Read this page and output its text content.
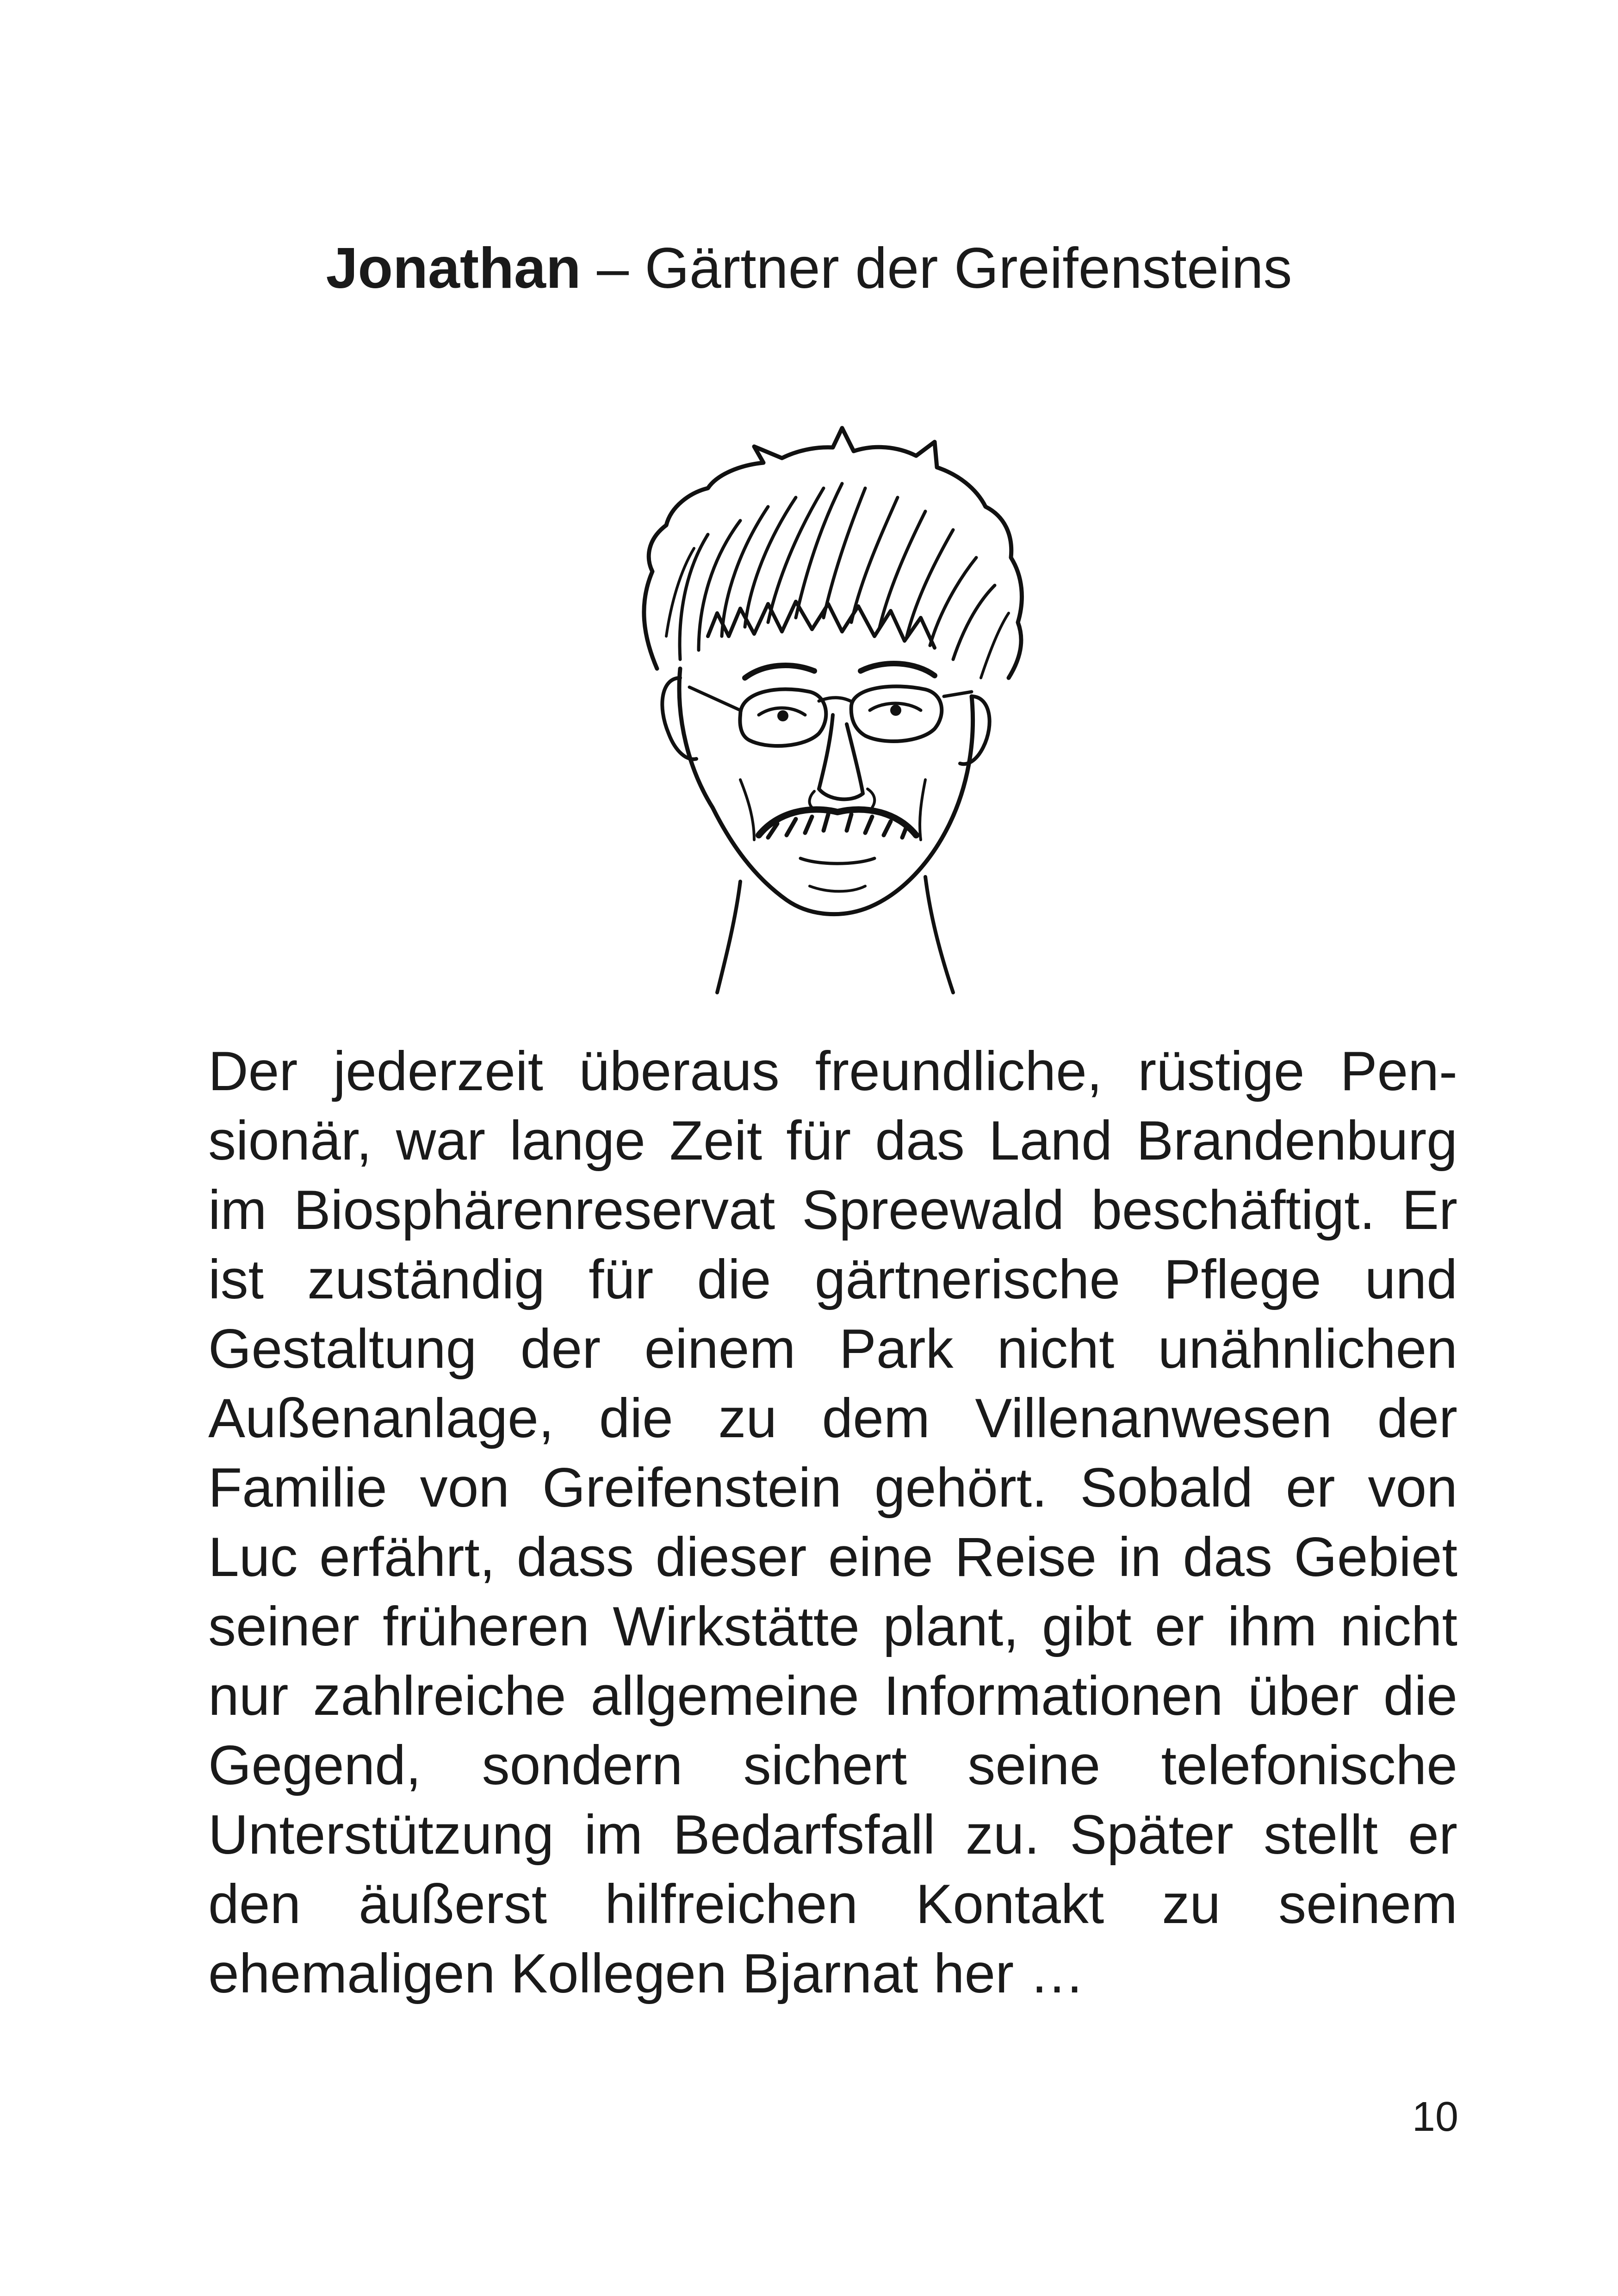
Jonathan – Gärtner der Greifensteins
Der jederzeit überaus freundliche, rüstige Pensionär, war lange Zeit für das Land Brandenburg im Biosphärenreservat Spreewald beschäftigt. Er ist zuständig für die gärtnerische Pflege und Gestaltung der einem Park nicht unähnlichen Außenanlage, die zu dem Villenanwesen der Familie von Greifenstein gehört. Sobald er von Luc erfährt, dass dieser eine Reise in das Gebiet seiner früheren Wirkstätte plant, gibt er ihm nicht nur zahlreiche allgemeine Informationen über die Gegend, sondern sichert seine telefonische Unterstützung im Bedarfsfall zu. Später stellt er den äußerst hilfreichen Kontakt zu seinem ehemaligen Kollegen Bjarnat her …
10
